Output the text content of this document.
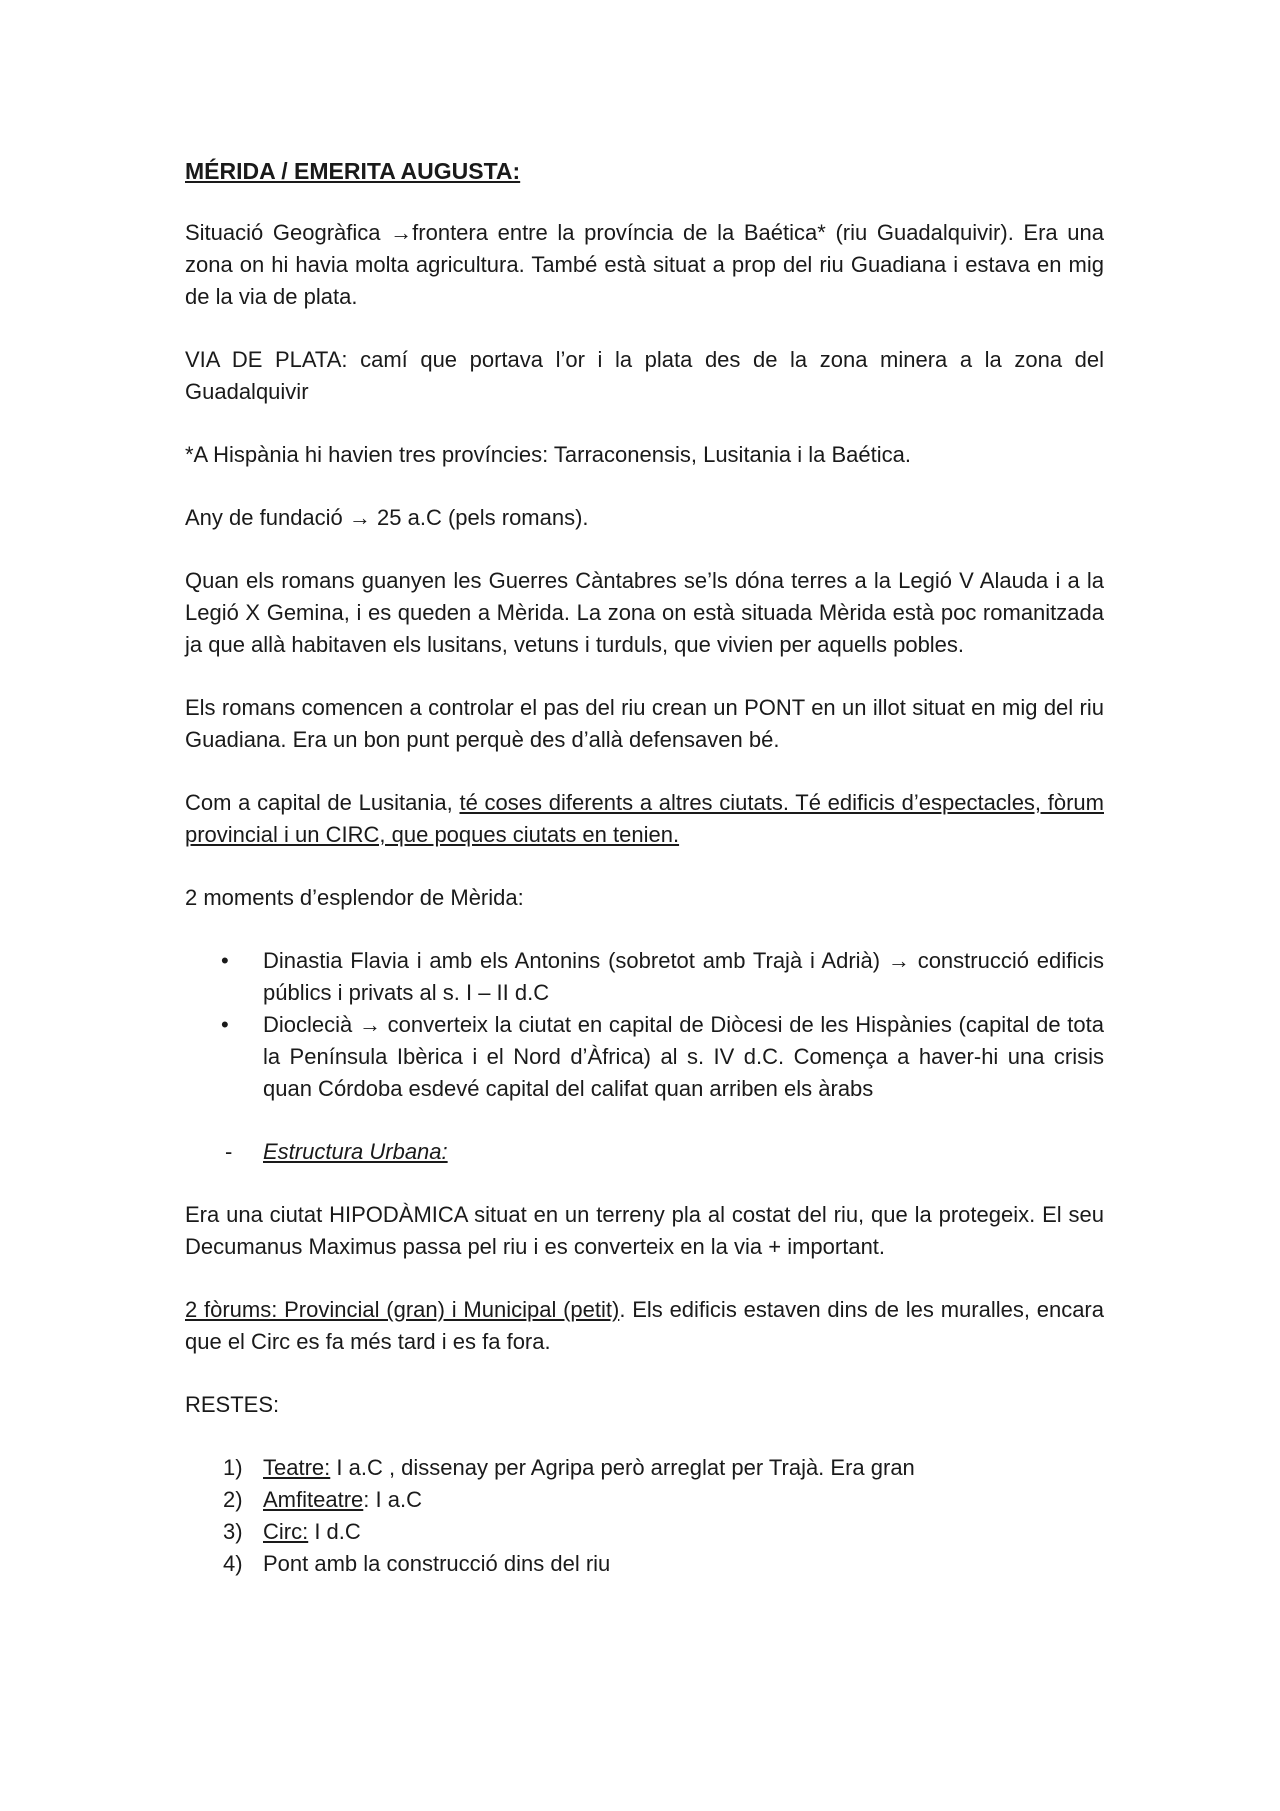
MÉRIDA / EMERITA AUGUSTA:

Situació Geogràfica →frontera entre la província de la Baética* (riu Guadalquivir). Era una zona on hi havia molta agricultura. També està situat a prop del riu Guadiana i estava en mig de la via de plata.

VIA DE PLATA: camí que portava l’or i la plata des de la zona minera a la zona del Guadalquivir

*A Hispània hi havien tres províncies: Tarraconensis, Lusitania i la Baética.

Any de fundació → 25 a.C (pels romans).

Quan els romans guanyen les Guerres Càntabres se’ls dóna terres a la Legió V Alauda i a la Legió X Gemina, i es queden a Mèrida. La zona on està situada Mèrida està poc romanitzada ja que allà habitaven els lusitans, vetuns i turduls, que vivien per aquells pobles.

Els romans comencen a controlar el pas del riu crean un PONT en un illot situat en mig del riu Guadiana. Era un bon punt perquè des d’allà defensaven bé.

Com a capital de Lusitania, té coses diferents a altres ciutats. Té edificis d’espectacles, fòrum provincial i un CIRC, que poques ciutats en tenien.

2 moments d’esplendor de Mèrida:

• Dinastia Flavia i amb els Antonins (sobretot amb Trajà i Adrià) → construcció edificis públics i privats al s. I – II d.C
• Dioclecià → converteix la ciutat en capital de Diòcesi de les Hispànies (capital de tota la Península Ibèrica i el Nord d’Àfrica) al s. IV d.C. Comença a haver-hi una crisis quan Córdoba esdevé capital del califat quan arriben els àrabs
- Estructura Urbana:

Era una ciutat HIPODÀMICA situat en un terreny pla al costat del riu, que la protegeix. El seu Decumanus Maximus passa pel riu i es converteix en la via + important.

2 fòrums: Provincial (gran) i Municipal (petit). Els edificis estaven dins de les muralles, encara que el Circ es fa més tard i es fa fora.

RESTES:

1) Teatre: I a.C , dissenay per Agripa però arreglat per Trajà. Era gran
2) Amfiteatre: I a.C
3) Circ: I d.C
4) Pont amb la construcció dins del riu
